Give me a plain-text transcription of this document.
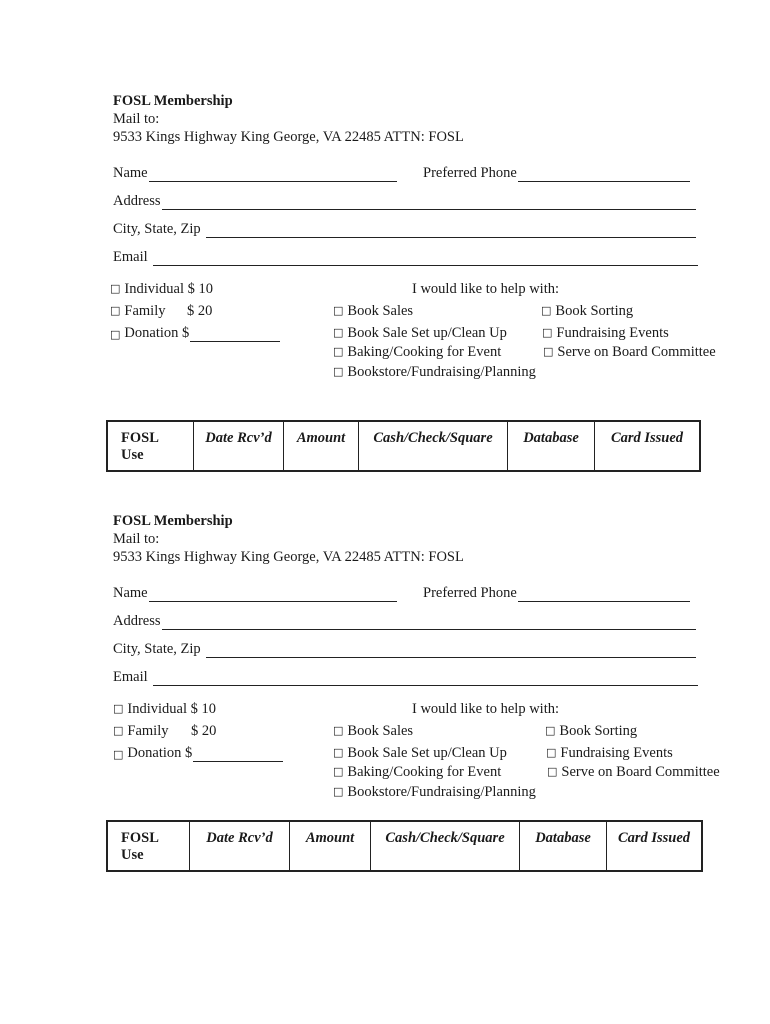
FOSL Membership
Mail to:
9533 Kings Highway King George, VA 22485 ATTN: FOSL
Name	Preferred Phone
Address
City, State, Zip
Email
□ Individual $ 10
□ Family $ 20
□ Donation $
I would like to help with:
□ Book Sales	□ Book Sorting
□ Book Sale Set up/Clean Up	□ Fundraising Events
□ Baking/Cooking for Event	□ Serve on Board Committee
□ Bookstore/Fundraising/Planning
FOSL
Use	Date Rcv’d	Amount	Cash/Check/Square	Database	Card Issued
FOSL Membership
Mail to:
9533 Kings Highway King George, VA 22485 ATTN: FOSL
Name	Preferred Phone
Address
City, State, Zip
Email
□ Individual $ 10
□ Family $ 20
□ Donation $
I would like to help with:
□ Book Sales	□ Book Sorting
□ Book Sale Set up/Clean Up	□ Fundraising Events
□ Baking/Cooking for Event	□ Serve on Board Committee
□ Bookstore/Fundraising/Planning
FOSL
Use	Date Rcv’d	Amount	Cash/Check/Square	Database	Card Issued
